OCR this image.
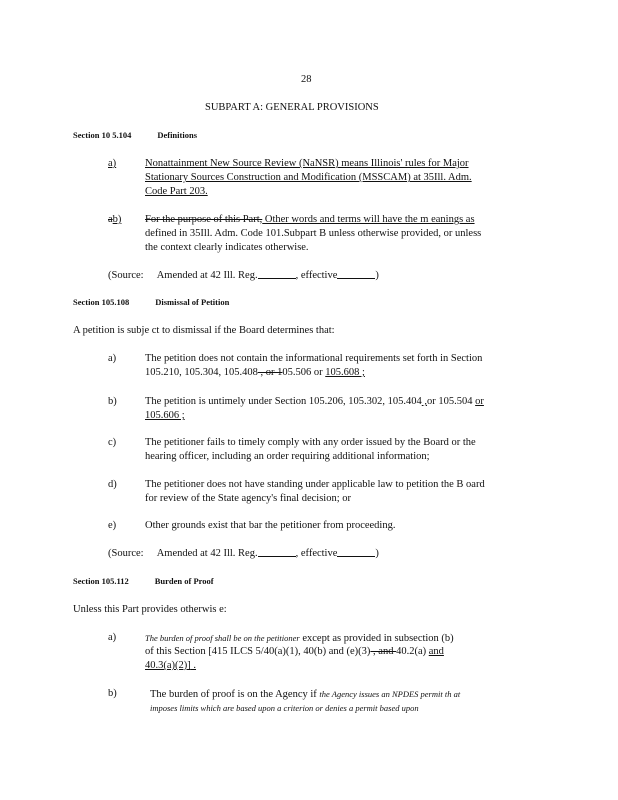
28
SUBPART A: GENERAL PROVISIONS
Section 10 5.104	Definitions
a)	Nonattainment New Source Review (NaNSR) means Illinois' rules for Major
Stationary Sources Construction and Modification (MSSCAM) at 35Ill. Adm.
Code Part 203.
ab) For the purpose of this Part, Other words and terms will have the m eanings as
defined in 35Ill. Adm. Code 101.Subpart B unless otherwise provided, or unless
the context clearly indicates otherwise.
(Source: Amended at 42 Ill. Reg.	, effective	)
Section 105.108	Dismissal of Petition
A petition is subje ct to dismissal if the Board determines that:
a)	The petition does not contain the informational requirements set forth in Section
105.210, 105.304, 105.408 , or 105.506 or 105.608 ;
b)	The petition is untimely under Section 105.206, 105.302, 105.404 ,or 105.504 or
105.606 ;
c)	The petitioner fails to timely comply with any order issued by the Board or the
hearing officer, including an order requiring additional information;
d)	The petitioner does not have standing under applicable law to petition the B oard
for review of the State agency's final decision; or
e)	Other grounds exist that bar the petitioner from proceeding.
(Source: Amended at 42 Ill. Reg.	, effective	)
Section 105.112	Burden of Proof
Unless this Part provides otherwis e:
a)	The burden of proof shall be on the petitioner except as provided in subsection (b)
of this Section [415 ILCS 5/40(a)(1), 40(b) and (e)(3) , and 40.2(a) and
40.3(a)(2)] .
b)	The burden of proof is on the Agency if the Agency issues an NPDES permit th at
imposes limits which are based upon a criterion or denies a permit based upon
